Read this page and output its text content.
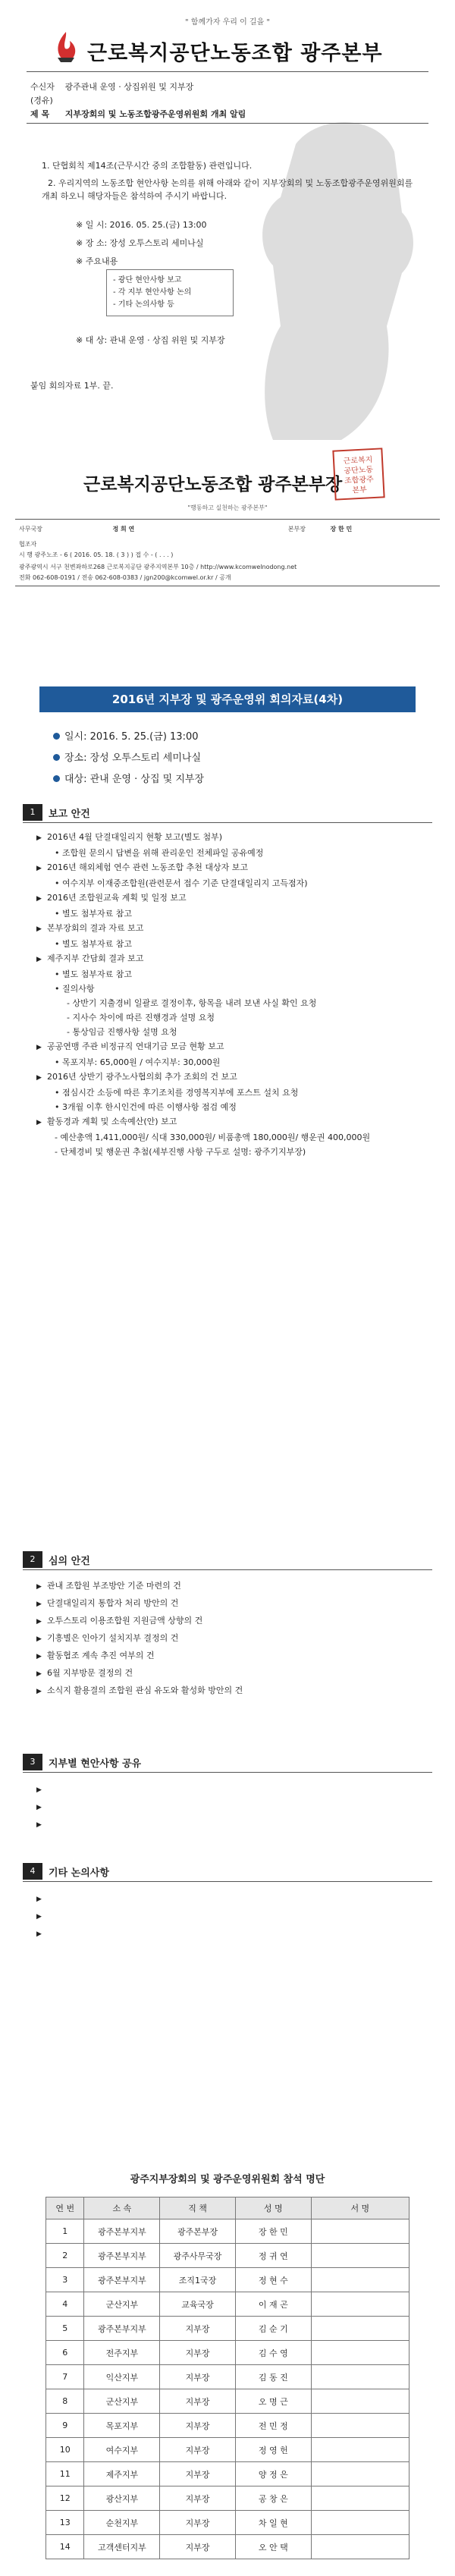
" 함께가자 우리 이 길을 "
근로복지공단노동조합 광주본부
수신자 광주관내 운영 · 상집위원 및 지부장
(경유)
제 목 지부장회의 및 노동조합광주운영위원회 개최 알림

1. 단협회칙 제14조(근무시간 중의 조합활동) 관련입니다.

2. 우리지역의 노동조합 현안사항 논의를 위해 아래와 같이 지부장회의 및 노동조합광주운영위원회를 개최 하오니 해당자들은 참석하여 주시기 바랍니다.

※ 일 시: 2016. 05. 25.(금) 13:00
※ 장 소: 장성 오투스토리 세미나실
※ 주요내용
- 광단 현안사항 보고
- 각 지부 현안사항 논의
- 기타 논의사항 등
※ 대 상: 관내 운영 · 상집 위원 및 지부장
붙임 회의자료 1부. 끝.
근로복지공단노동조합 광주본부장
근로복지
공단노동
조합광주
본부
"행동하고 실천하는 광주본부"
사무국장	정 희 연	본부장	장 한 민
협조자
시 행 광주노조 - 6 ( 2016. 05. 18. ( 3 ) ) 접 수 - ( . . . )
광주광역시 서구 천변좌하로268 근로복지공단 광주지역본부 10층 / http://www.kcomwelnodong.net
전화 062-608-0191 / 전송 062-608-0383 / jgn200@kcomwel.or.kr / 공개
2016년 지부장 및 광주운영위 회의자료(4차)
일시: 2016. 5. 25.(금) 13:00
장소: 장성 오투스토리 세미나실
대상: 관내 운영 · 상집 및 지부장
1	보고 안건
▶ 2016년 4월 단결대일리지 현황 보고(별도 첨부)
• 조합원 문의시 답변을 위해 관리운인 전체파일 공유예정
▶ 2016년 해외체험 연수 관련 노동조합 추천 대상자 보고
• 여수지부 이재중조합원(관련문서 접수 기준 단결대일리지 고득점자)
▶ 2016년 조합원교육 계획 및 일정 보고
• 별도 첨부자료 참고
▶ 본부장회의 결과 자료 보고
• 별도 첨부자료 참고
▶ 제주지부 간담회 결과 보고
• 별도 첨부자료 참고
• 질의사항
- 상반기 지출경비 일괄로 결정이후, 항목을 내려 보낸 사실 확인 요청
- 지사수 차이에 따른 진행경과 설명 요청
- 통상임금 진행사항 설명 요청
▶ 공공연맹 주관 비정규직 연대기금 모금 현황 보고
• 목포지부: 65,000원 / 여수지부: 30,000원
▶ 2016년 상반기 광주노사협의회 추가 조회의 건 보고
• 점심시간 소등에 따른 후기조치를 경영복지부에 포스트 설치 요청
• 3개월 이후 한시인건에 따른 이행사항 점검 예정
▶ 활동경과 계획 및 소속예산(안) 보고
- 예산총액 1,411,000원/ 식대 330,000원/ 비품총액 180,000원/ 행운권 400,000원
- 단체경비 및 행운권 추첨(세부진행 사항 구두로 설명: 광주기지부장)
2	심의 안건
▶ 관내 조합원 부조방안 기준 마련의 건
▶ 단결대일리지 통합자 처리 방안의 건
▶ 오투스토리 이용조합원 지원금액 상향의 건
▶ 기흥별은 인아기 설치지부 결정의 건
▶ 활동협조 계속 추진 여부의 건
▶ 6월 지부방문 결정의 건
▶ 소식지 활용결의 조합원 관심 유도와 활성화 방안의 건
3	지부별 현안사항 공유
▶
▶
▶
4	기타 논의사항
▶
▶
▶
광주지부장회의 및 광주운영위원회 참석 명단
연 번	소 속	직 책	성 명	서 명
1	광주본부지부	광주본부장	장 한 민	
2	광주본부지부	광주사무국장	정 귀 연	
3	광주본부지부	조직1국장	정 현 수	
4	군산지부	교육국장	이 재 곤	
5	광주본부지부	지부장	김 순 기	
6	전주지부	지부장	김 수 영	
7	익산지부	지부장	김 동 진	
8	군산지부	지부장	오 명 근	
9	목포지부	지부장	전 민 정	
10	여수지부	지부장	정 영 헌	
11	제주지부	지부장	양 정 은	
12	광산지부	지부장	공 창 은	
13	순천지부	지부장	차 일 현	
14	고객센터지부	지부장	오 안 택	
